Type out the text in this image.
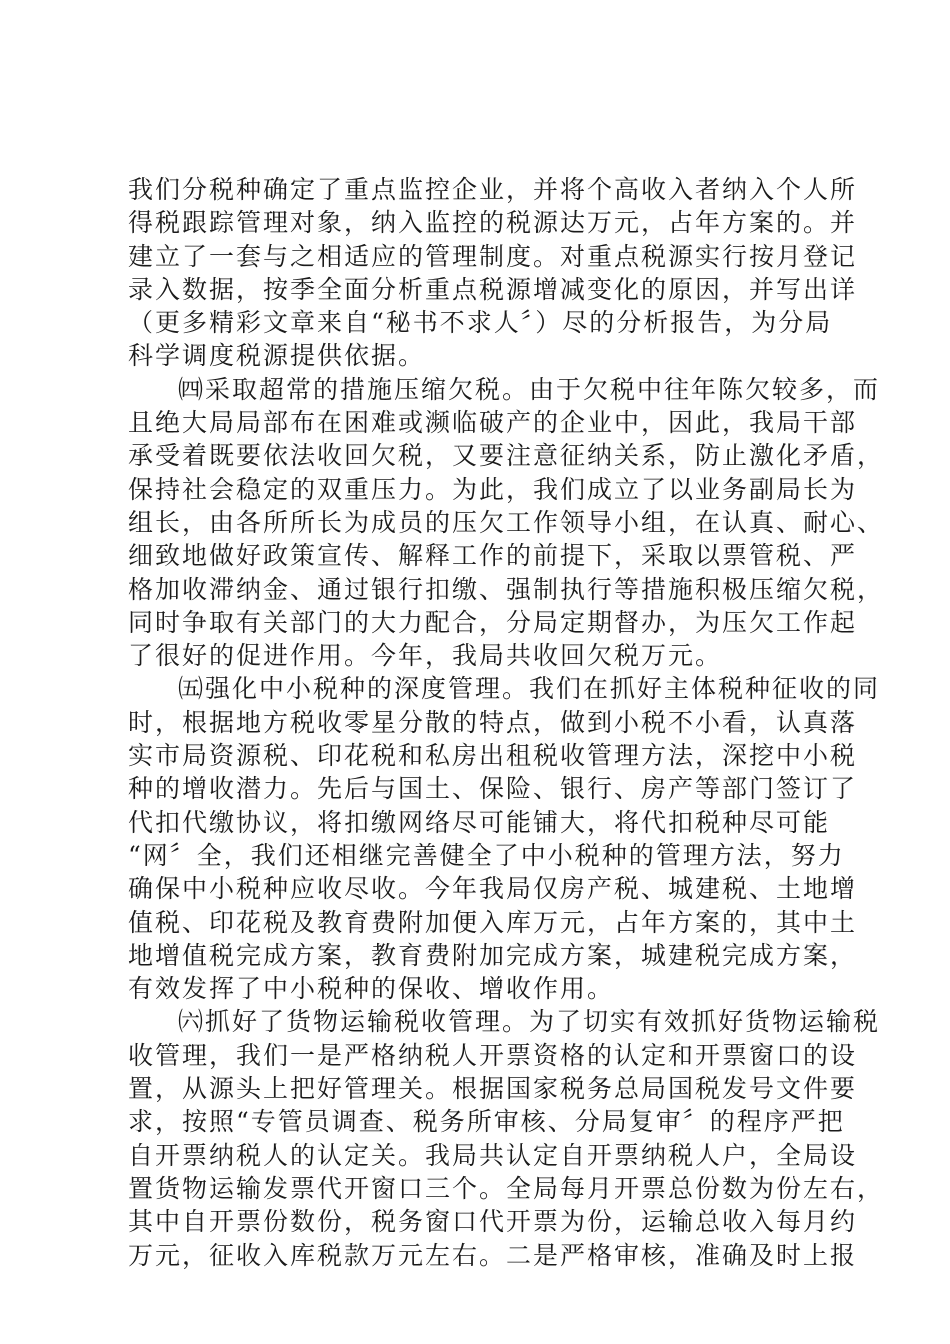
我们分税种确定了重点监控企业，并将个高收入者纳入个人所
得税跟踪管理对象，纳入监控的税源达万元，占年方案的。并
建立了一套与之相适应的管理制度。对重点税源实行按月登记
录入数据，按季全面分析重点税源增减变化的原因，并写出详
（更多精彩文章来自“秘书不求人〞）尽的分析报告，为分局
科学调度税源提供依据。
㈣采取超常的措施压缩欠税。由于欠税中往年陈欠较多，而
且绝大局局部布在困难或濒临破产的企业中，因此，我局干部
承受着既要依法收回欠税，又要注意征纳关系，防止激化矛盾，
保持社会稳定的双重压力。为此，我们成立了以业务副局长为
组长，由各所所长为成员的压欠工作领导小组，在认真、耐心、
细致地做好政策宣传、解释工作的前提下，采取以票管税、严
格加收滞纳金、通过银行扣缴、强制执行等措施积极压缩欠税，
同时争取有关部门的大力配合，分局定期督办，为压欠工作起
了很好的促进作用。今年，我局共收回欠税万元。
㈤强化中小税种的深度管理。我们在抓好主体税种征收的同
时，根据地方税收零星分散的特点，做到小税不小看，认真落
实市局资源税、印花税和私房出租税收管理方法，深挖中小税
种的增收潜力。先后与国土、保险、银行、房产等部门签订了
代扣代缴协议，将扣缴网络尽可能铺大，将代扣税种尽可能
“网〞全，我们还相继完善健全了中小税种的管理方法，努力
确保中小税种应收尽收。今年我局仅房产税、城建税、土地增
值税、印花税及教育费附加便入库万元，占年方案的，其中土
地增值税完成方案，教育费附加完成方案，城建税完成方案，
有效发挥了中小税种的保收、增收作用。
㈥抓好了货物运输税收管理。为了切实有效抓好货物运输税
收管理，我们一是严格纳税人开票资格的认定和开票窗口的设
置，从源头上把好管理关。根据国家税务总局国税发号文件要
求，按照“专管员调查、税务所审核、分局复审〞的程序严把
自开票纳税人的认定关。我局共认定自开票纳税人户，全局设
置货物运输发票代开窗口三个。全局每月开票总份数为份左右，
其中自开票份数份，税务窗口代开票为份，运输总收入每月约
万元，征收入库税款万元左右。二是严格审核，准确及时上报
